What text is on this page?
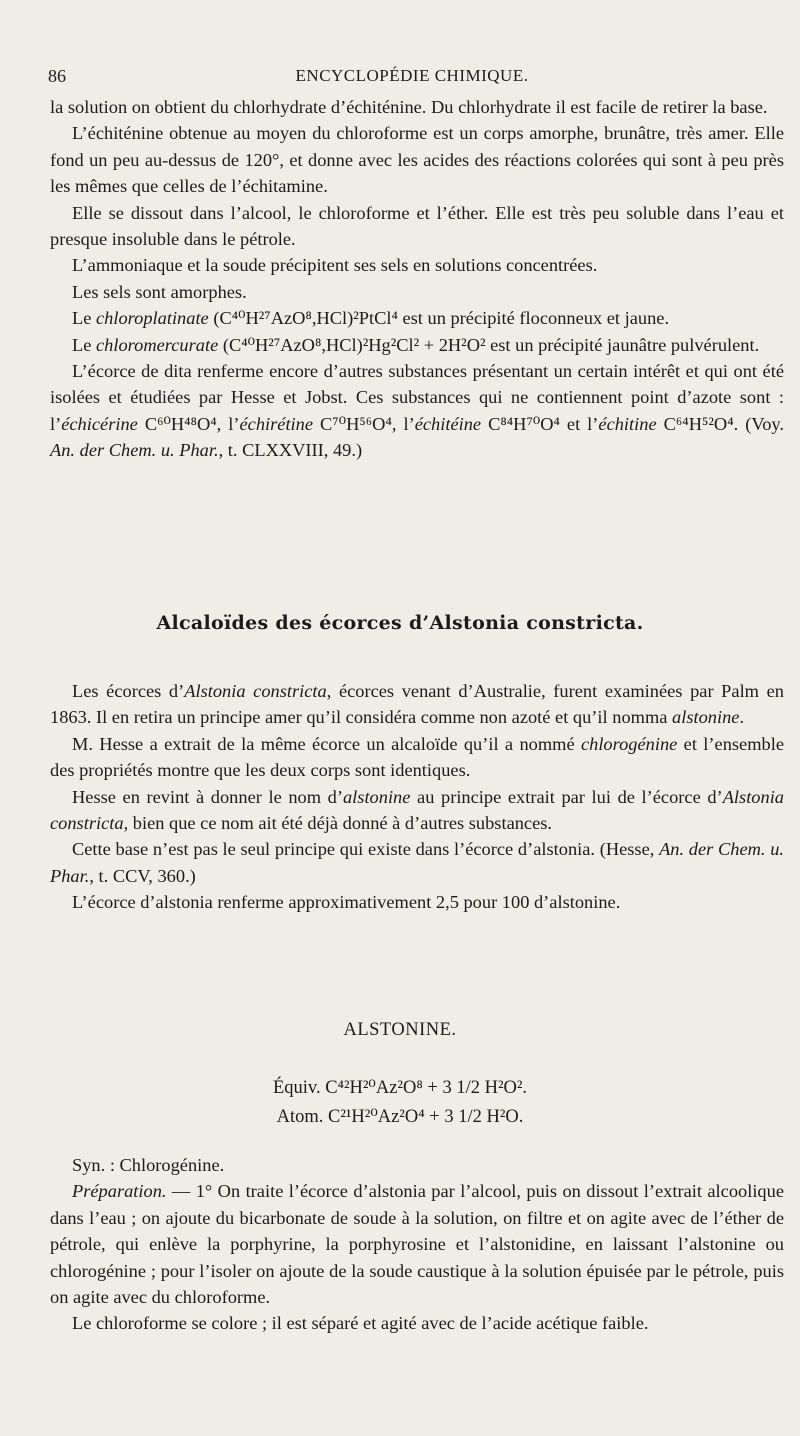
86	ENCYCLOPÉDIE CHIMIQUE.

la solution on obtient du chlorhydrate d’échiténine. Du chlorhydrate il est facile de retirer la base.

L’échiténine obtenue au moyen du chloroforme est un corps amorphe, brunâtre, très amer. Elle fond un peu au-dessus de 120°, et donne avec les acides des réactions colorées qui sont à peu près les mêmes que celles de l’échitamine.

Elle se dissout dans l’alcool, le chloroforme et l’éther. Elle est très peu soluble dans l’eau et presque insoluble dans le pétrole.

L’ammoniaque et la soude précipitent ses sels en solutions concentrées.

Les sels sont amorphes.

Le chloroplatinate (C⁴⁰H²⁷AzO⁸,HCl)²PtCl⁴ est un précipité floconneux et jaune.

Le chloromercurate (C⁴⁰H²⁷AzO⁸,HCl)²Hg²Cl² + 2H²O² est un précipité jaunâtre pulvérulent.

L’écorce de dita renferme encore d’autres substances présentant un certain intérêt et qui ont été isolées et étudiées par Hesse et Jobst. Ces substances qui ne contiennent point d’azote sont : l’échicérine C⁶⁰H⁴⁸O⁴, l’échirétine C⁷⁰H⁵⁶O⁴, l’échitéine C⁸⁴H⁷⁰O⁴ et l’échitine C⁶⁴H⁵²O⁴. (Voy. An. der Chem. u. Phar., t. CLXXVIII, 49.)

Alcaloïdes des écorces d’Alstonia constricta.

Les écorces d’Alstonia constricta, écorces venant d’Australie, furent examinées par Palm en 1863. Il en retira un principe amer qu’il considéra comme non azoté et qu’il nomma alstonine.

M. Hesse a extrait de la même écorce un alcaloïde qu’il a nommé chlorogénine et l’ensemble des propriétés montre que les deux corps sont identiques.

Hesse en revint à donner le nom d’alstonine au principe extrait par lui de l’écorce d’Alstonia constricta, bien que ce nom ait été déjà donné à d’autres substances.

Cette base n’est pas le seul principe qui existe dans l’écorce d’alstonia. (Hesse, An. der Chem. u. Phar., t. CCV, 360.)

L’écorce d’alstonia renferme approximativement 2,5 pour 100 d’alstonine.

ALSTONINE.
Équiv. C⁴²H²⁰Az²O⁸ + 3 1/2 H²O².
Atom. C²¹H²⁰Az²O⁴ + 3 1/2 H²O.

Syn. : Chlorogénine.

Préparation. — 1° On traite l’écorce d’alstonia par l’alcool, puis on dissout l’extrait alcoolique dans l’eau ; on ajoute du bicarbonate de soude à la solution, on filtre et on agite avec de l’éther de pétrole, qui enlève la porphyrine, la porphyrosine et l’alstonidine, en laissant l’alstonine ou chlorogénine ; pour l’isoler on ajoute de la soude caustique à la solution épuisée par le pétrole, puis on agite avec du chloroforme.

Le chloroforme se colore ; il est séparé et agité avec de l’acide acétique faible.
